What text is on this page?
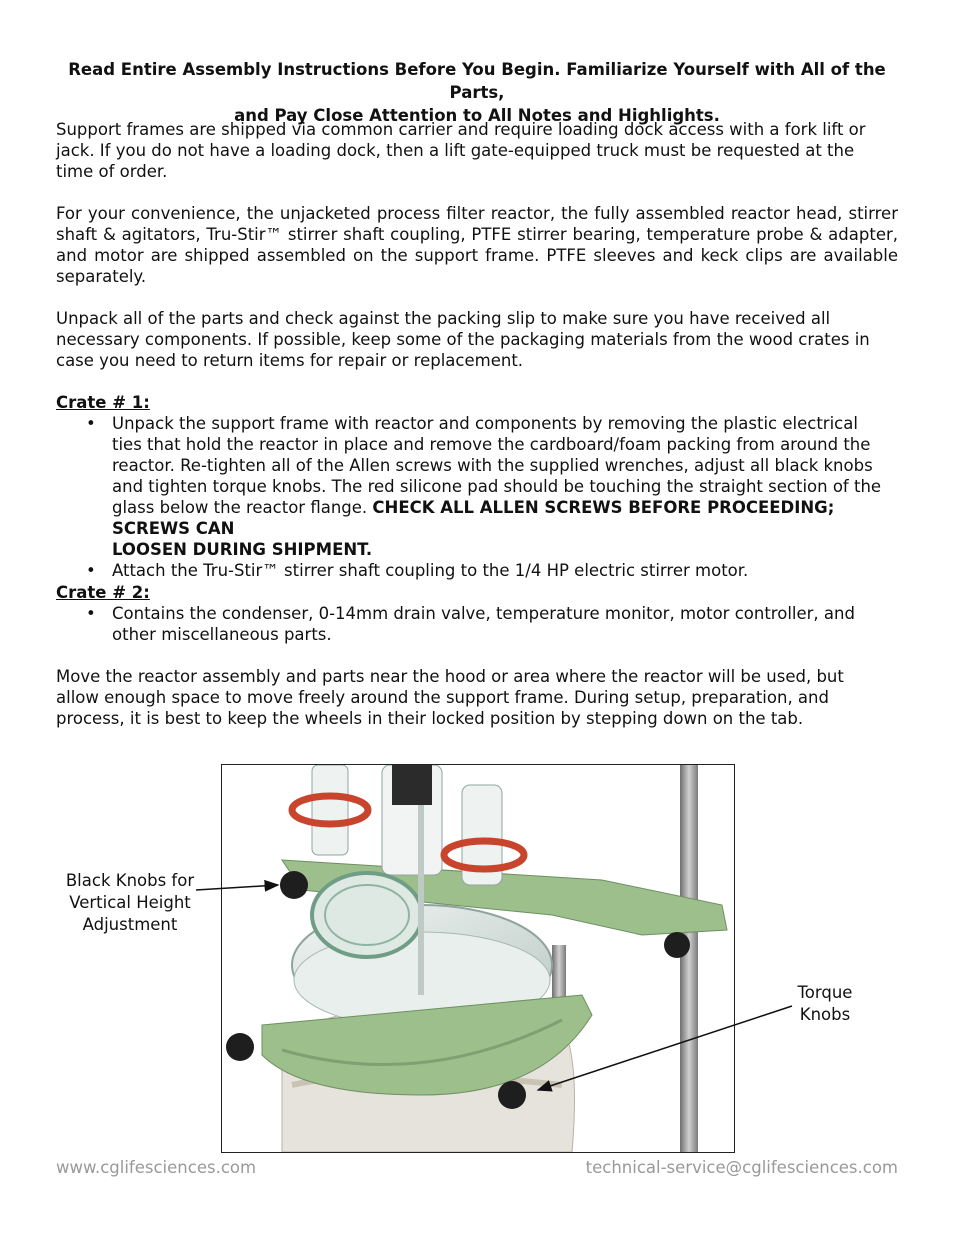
Read Entire Assembly Instructions Before You Begin. Familiarize Yourself with All of the Parts,
and Pay Close Attention to All Notes and Highlights.
Support frames are shipped via common carrier and require loading dock access with a fork lift or
jack. If you do not have a loading dock, then a lift gate-equipped truck must be requested at the
time of order.

For your convenience, the unjacketed process filter reactor, the fully assembled reactor head, stirrer shaft & agitators, Tru-Stir™ stirrer shaft coupling, PTFE stirrer bearing, temperature probe & adapter, and motor are shipped assembled on the support frame. PTFE sleeves and keck clips are available separately.

Unpack all of the parts and check against the packing slip to make sure you have received all
necessary components. If possible, keep some of the packaging materials from the wood crates in
case you need to return items for repair or replacement.
Crate # 1:
• Unpack the support frame with reactor and components by removing the plastic electrical
ties that hold the reactor in place and remove the cardboard/foam packing from around the
reactor. Re-tighten all of the Allen screws with the supplied wrenches, adjust all black knobs
and tighten torque knobs. The red silicone pad should be touching the straight section of the
glass below the reactor flange. CHECK ALL ALLEN SCREWS BEFORE PROCEEDING; SCREWS CAN
LOOSEN DURING SHIPMENT.
• Attach the Tru-Stir™ stirrer shaft coupling to the 1/4 HP electric stirrer motor.
Crate # 2:
• Contains the condenser, 0-14mm drain valve, temperature monitor, motor controller, and
other miscellaneous parts.
Move the reactor assembly and parts near the hood or area where the reactor will be used, but
allow enough space to move freely around the support frame. During setup, preparation, and
process, it is best to keep the wheels in their locked position by stepping down on the tab.
Black Knobs for
Vertical Height
Adjustment
Torque
Knobs
www.cglifesciences.com	technical-service@cglifesciences.com
